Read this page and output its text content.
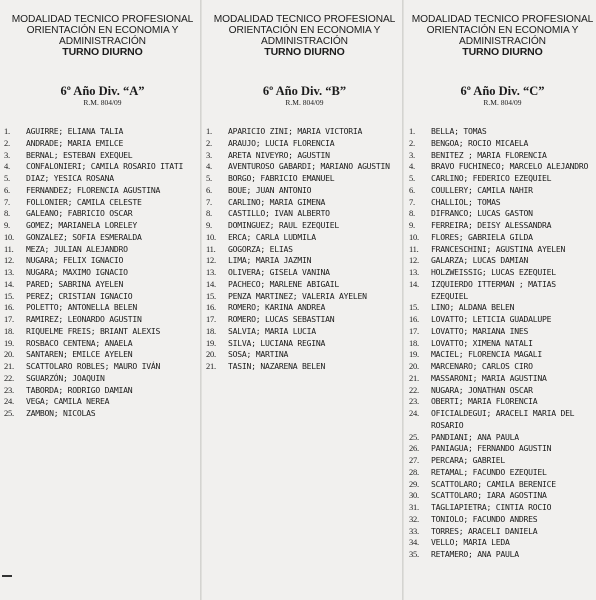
MODALIDAD TECNICO PROFESIONAL
ORIENTACIÓN EN ECONOMIA Y
ADMINISTRACIÓN
TURNO DIURNO
6º Año Div. “A”
R.M. 804/09
1.	AGUIRRE; ELIANA TALIA
2.	ANDRADE; MARIA EMILCE
3.	BERNAL; ESTEBAN EXEQUEL
4.	CONFALONIERI; CAMILA ROSARIO ITATI
5.	DIAZ; YESICA ROSANA
6.	FERNANDEZ; FLORENCIA AGUSTINA
7.	FOLLONIER; CAMILA CELESTE
8.	GALEANO; FABRICIO OSCAR
9.	GOMEZ; MARIANELA LORELEY
10.	GONZALEZ; SOFIA ESMERALDA
11.	MEZA; JULIAN ALEJANDRO
12.	NUGARA; FELIX IGNACIO
13.	NUGARA; MAXIMO IGNACIO
14.	PARED; SABRINA AYELEN
15.	PEREZ; CRISTIAN IGNACIO
16.	POLETTO; ANTONELLA BELEN
17.	RAMIREZ; LEONARDO AGUSTIN
18.	RIQUELME FREIS; BRIANT ALEXIS
19.	ROSBACO CENTENA; ANAELA
20.	SANTAREN; EMILCE AYELEN
21.	SCATTOLARO ROBLES; MAURO IVÁN
22.	SGUARZÓN; JOAQUIN
23.	TABORDA; RODRIGO DAMIAN
24.	VEGA; CAMILA NEREA
25.	ZAMBON; NICOLAS
MODALIDAD TECNICO PROFESIONAL
ORIENTACIÓN EN ECONOMIA Y
ADMINISTRACIÓN
TURNO DIURNO
6º Año Div. “B”
R.M. 804/09
1.	APARICIO ZINI; MARIA VICTORIA
2.	ARAUJO; LUCIA FLORENCIA
3.	ARETA NIVEYRO; AGUSTIN
4.	AVENTUROSO GABARDI; MARIANO AGUSTIN
5.	BORGO; FABRICIO EMANUEL
6.	BOUE; JUAN ANTONIO
7.	CARLINO; MARIA GIMENA
8.	CASTILLO; IVAN ALBERTO
9.	DOMINGUEZ; RAUL EZEQUIEL
10.	ERCA; CARLA LUDMILA
11.	GOGORZA; ELIAS
12.	LIMA; MARIA JAZMIN
13.	OLIVERA; GISELA VANINA
14.	PACHECO; MARLENE ABIGAIL
15.	PENZA MARTINEZ; VALERIA AYELEN
16.	ROMERO; KARINA ANDREA
17.	ROMERO; LUCAS SEBASTIAN
18.	SALVIA; MARIA LUCIA
19.	SILVA; LUCIANA REGINA
20.	SOSA; MARTINA
21.	TASIN; NAZARENA BELEN
MODALIDAD TECNICO PROFESIONAL
ORIENTACIÓN EN ECONOMIA Y
ADMINISTRACIÓN
TURNO DIURNO
6º Año Div. “C”
R.M. 804/09
1.	BELLA; TOMAS
2.	BENGOA; ROCIO MICAELA
3.	BENITEZ ; MARIA FLORENCIA
4.	BRAVO FUCHINECO; MARCELO ALEJANDRO
5.	CARLINO; FEDERICO EZEQUIEL
6.	COULLERY; CAMILA NAHIR
7.	CHALLIOL; TOMAS
8.	DIFRANCO; LUCAS GASTON
9.	FERREIRA; DEISY ALESSANDRA
10.	FLORES; GABRIELA GILDA
11.	FRANCESCHINI; AGUSTINA AYELEN
12.	GALARZA; LUCAS DAMIAN
13.	HOLZWEISSIG; LUCAS EZEQUIEL
14.	IZQUIERDO ITTERMAN ; MATIAS EZEQUIEL
15.	LINO; ALDANA BELEN
16.	LOVATTO; LETICIA GUADALUPE
17.	LOVATTO; MARIANA INES
18.	LOVATTO; XIMENA NATALI
19.	MACIEL; FLORENCIA MAGALI
20.	MARCENARO; CARLOS CIRO
21.	MASSARONI; MARIA AGUSTINA
22.	NUGARA; JONATHAN OSCAR
23.	OBERTI; MARIA FLORENCIA
24.	OFICIALDEGUI; ARACELI MARIA DEL ROSARIO
25.	PANDIANI; ANA PAULA
26.	PANIAGUA; FERNANDO AGUSTIN
27.	PERCARA; GABRIEL
28.	RETAMAL; FACUNDO EZEQUIEL
29.	SCATTOLARO; CAMILA BERENICE
30.	SCATTOLARO; IARA AGOSTINA
31.	TAGLIAPIETRA; CINTIA ROCIO
32.	TONIOLO; FACUNDO ANDRES
33.	TORRES; ARACELI DANIELA
34.	VELLO; MARIA LEDA
35.	RETAMERO; ANA PAULA
